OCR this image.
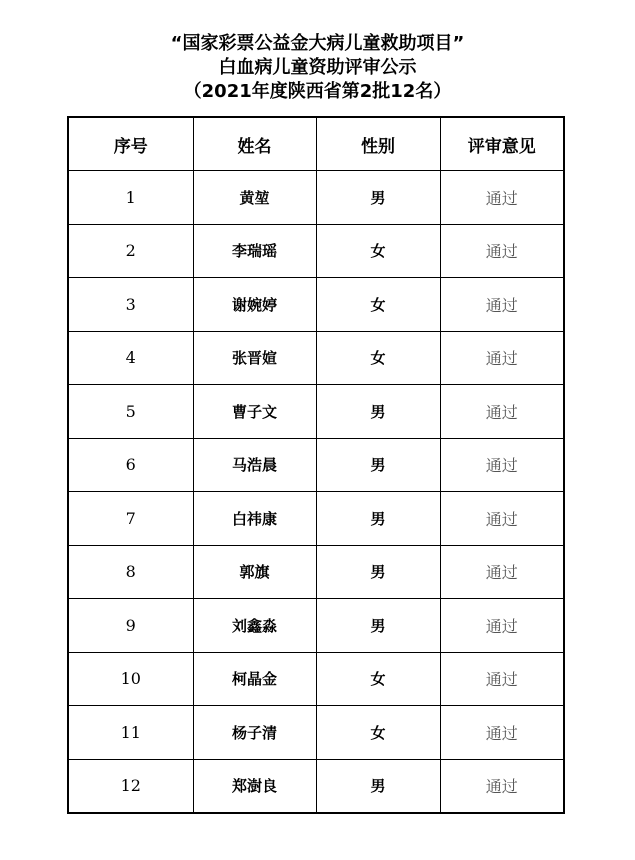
“国家彩票公益金大病儿童救助项目”
白血病儿童资助评审公示
（2021年度陕西省第2批12名）
序号	姓名	性别	评审意见
1	黄堃	男	通过
2	李瑞瑶	女	通过
3	谢婉婷	女	通过
4	张晋媗	女	通过
5	曹子文	男	通过
6	马浩晨	男	通过
7	白祎康	男	通过
8	郭旗	男	通过
9	刘鑫淼	男	通过
10	柯晶金	女	通过
11	杨子清	女	通过
12	郑澍良	男	通过
